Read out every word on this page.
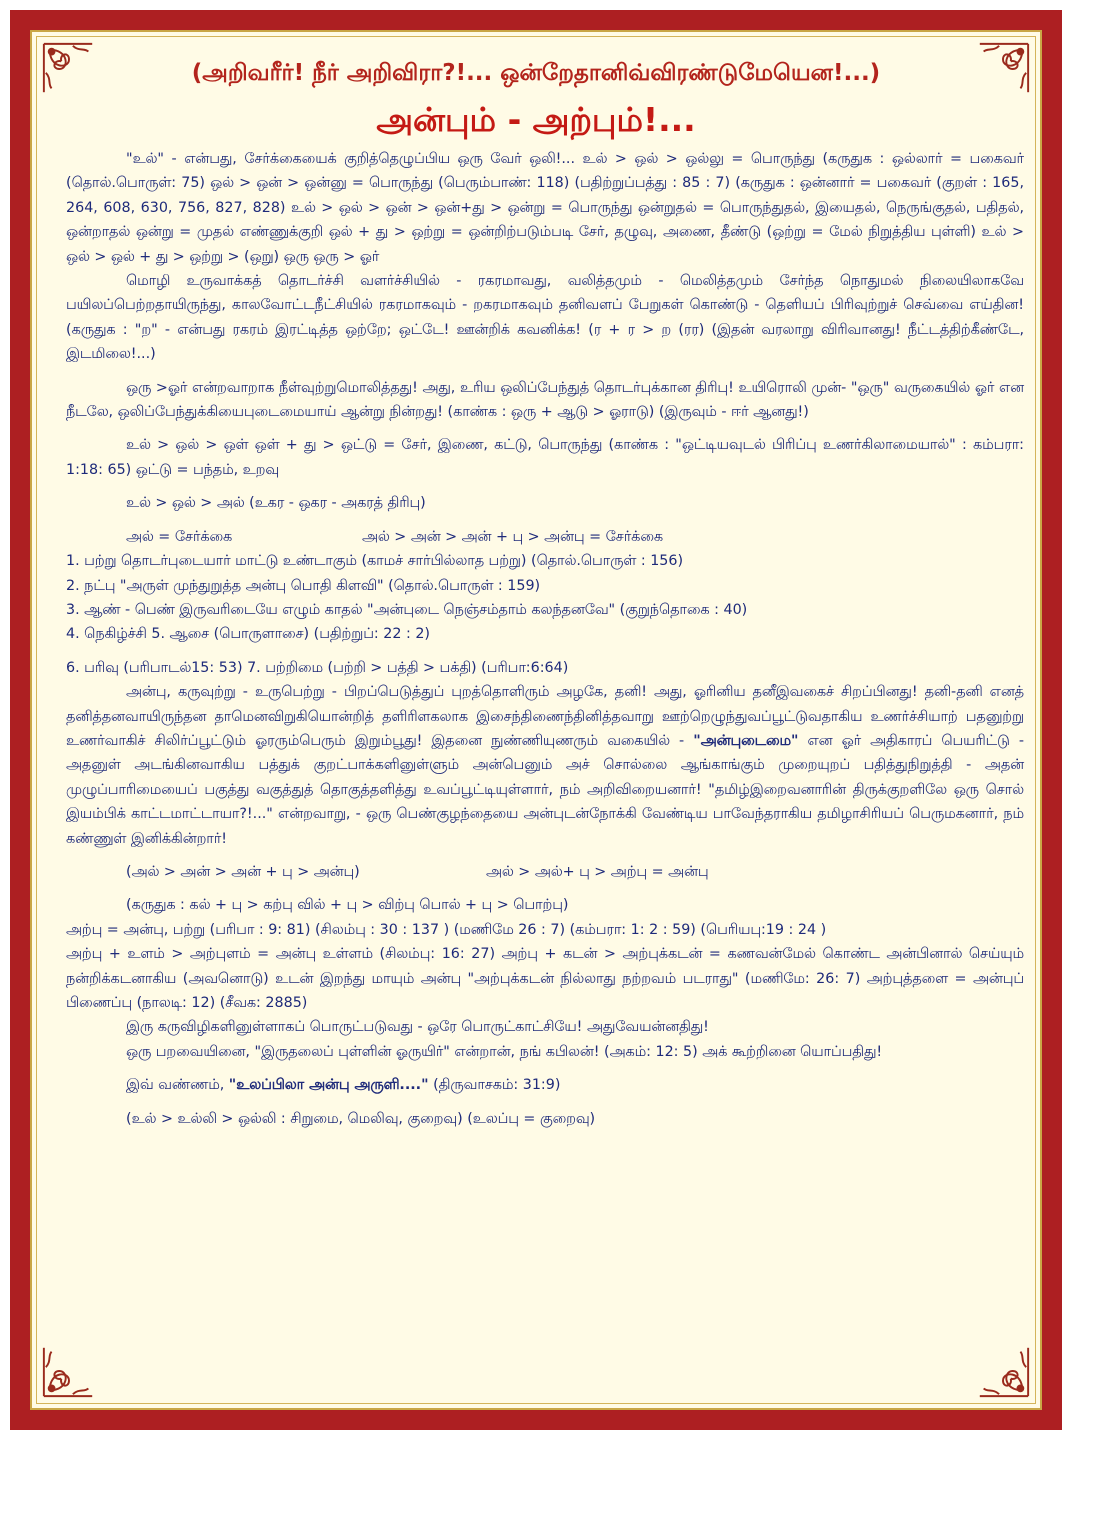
(அறிவரீர்! நீர் அறிவிரா?!... ஒன்றேதானிவ்விரண்டுமேயென!...)
அன்பும் - அற்பும்!...

"உல்" - என்பது, சேர்க்கையைக் குறித்தெழுப்பிய ஒரு வேர் ஒலி!... உல் > ஒல் > ஒல்லு = பொருந்து (கருதுக : ஒல்லார் = பகைவர் (தொல்.பொருள்: 75) ஒல் > ஒன் > ஒன்னு = பொருந்து (பெரும்பாண்: 118) (பதிற்றுப்பத்து : 85 : 7) (கருதுக : ஒன்னார் = பகைவர் (குறள் : 165, 264, 608, 630, 756, 827, 828) உல் > ஒல் > ஒன் > ஒன்+து > ஒன்று = பொருந்து ஒன்றுதல் = பொருந்துதல், இயைதல், நெருங்குதல், பதிதல், ஒன்றாதல் ஒன்று = முதல் எண்ணுக்குறி ஒல் + து > ஒற்று = ஒன்றிற்படும்படி சேர், தழுவு, அணை, தீண்டு (ஒற்று = மேல் நிறுத்திய புள்ளி) உல் > ஒல் > ஒல் + து > ஒற்று > (ஒறு) ஒரு ஒரு > ஓர்

மொழி உருவாக்கத் தொடர்ச்சி வளர்ச்சியில் - ரகரமாவது, வலித்தமும் - மெலித்தமும் சேர்ந்த நொதுமல் நிலையிலாகவே பயிலப்பெற்றதாயிருந்து, காலவோட்டநீட்சியில் ரகரமாகவும் - றகரமாகவும் தனிவளப் பேறுகள் கொண்டு - தெளியப் பிரிவுற்றுச் செவ்வை எய்தின! (கருதுக : "ற" - என்பது ரகரம் இரட்டித்த ஒற்றே; ஒட்டே! ஊன்றிக் கவனிக்க! (ர + ர > ற (ரர) (இதன் வரலாறு விரிவானது! நீட்டத்திற்கீண்டே, இடமிலை!...)

ஒரு >ஓர் என்றவாறாக நீள்வுற்றுமொலித்தது! அது, உரிய ஒலிப்பேந்துத் தொடர்புக்கான திரிபு! உயிரொலி முன்- "ஒரு" வருகையில் ஓர் என நீடலே, ஒலிப்பேந்துக்கியைபுடைமையாய் ஆன்று நின்றது! (காண்க : ஒரு + ஆடு > ஓராடு) (இருவும் - ஈர் ஆனது!)

உல் > ஒல் > ஒள் ஒள் + து > ஒட்டு = சேர், இணை, கட்டு, பொருந்து (காண்க : "ஒட்டியவுடல் பிரிப்பு உணர்கிலாமையால்" : கம்பரா: 1:18: 65) ஒட்டு = பந்தம், உறவு

உல் > ஒல் > அல் (உகர - ஒகர - அகரத் திரிபு)

அல் = சேர்க்கை	அல் > அன் > அன் + பு > அன்பு = சேர்க்கை

1. பற்று தொடர்புடையார் மாட்டு உண்டாகும் (காமச் சார்பில்லாத பற்று) (தொல்.பொருள் : 156)

2. நட்பு "அருள் முந்துறுத்த அன்பு பொதி கிளவி" (தொல்.பொருள் : 159)

3. ஆண் - பெண் இருவரிடையே எழும் காதல் "அன்புடை நெஞ்சம்தாம் கலந்தனவே" (குறுந்தொகை : 40)

4. நெகிழ்ச்சி 5. ஆசை (பொருளாசை) (பதிற்றுப்: 22 : 2)

6. பரிவு (பரிபாடல்15: 53) 7. பற்றிமை (பற்றி > பத்தி > பக்தி) (பரிபா:6:64)

அன்பு, கருவுற்று - உருபெற்று - பிறப்பெடுத்துப் புறத்தொளிரும் அழகே, தனி! அது, ஓரினிய தனீஇவகைச் சிறப்பினது! தனி-தனி எனத் தனித்தனவாயிருந்தன தாமெனவிறுகியொன்றித் தளிரிளகலாக இசைந்திணைந்தினித்தவாறு ஊற்றெழுந்துவப்பூட்டுவதாகிய உணர்ச்சியாற் பதனுற்று உணர்வாகிச் சிலிர்ப்பூட்டும் ஓரரும்பெரும் இறும்பூது! இதனை நுண்ணியுணரும் வகையில் - "அன்புடைமை" என ஓர் அதிகாரப் பெயரிட்டு - அதனுள் அடங்கினவாகிய பத்துக் குறட்பாக்களினுள்ளும் அன்பெனும் அச் சொல்லை ஆங்காங்கும் முறையுறப் பதித்துநிறுத்தி - அதன் முழுப்பாரிமையைப் பகுத்து வகுத்துத் தொகுத்தளித்து உவப்பூட்டியுள்ளார், நம் அறிவிறையனார்! "தமிழ்இறைவனாரின் திருக்குறளிலே ஒரு சொல் இயம்பிக் காட்டமாட்டாயா?!..." என்றவாறு, - ஒரு பெண்குழந்தையை அன்புடன்நோக்கி வேண்டிய பாவேந்தராகிய தமிழாசிரியப் பெருமகனார், நம் கண்ணுள் இனிக்கின்றார்!

(அல் > அன் > அன் + பு > அன்பு)	அல் > அல்+ பு > அற்பு = அன்பு

(கருதுக : கல் + பு > கற்பு வில் + பு > விற்பு பொல் + பு > பொற்பு)

அற்பு = அன்பு, பற்று (பரிபா : 9: 81) (சிலம்பு : 30 : 137 ) (மணிமே 26 : 7) (கம்பரா: 1: 2 : 59) (பெரியபு:19 : 24 )

அற்பு + உளம் > அற்புளம் = அன்பு உள்ளம் (சிலம்பு: 16: 27) அற்பு + கடன் > அற்புக்கடன் = கணவன்மேல் கொண்ட அன்பினால் செய்யும் நன்றிக்கடனாகிய (அவனொடு) உடன் இறந்து மாயும் அன்பு "அற்புக்கடன் நில்லாது நற்றவம் படராது" (மணிமே: 26: 7) அற்புத்தளை = அன்புப் பிணைப்பு (நாலடி: 12) (சீவக: 2885)

இரு கருவிழிகளினுள்ளாகப் பொருட்படுவது - ஒரே பொருட்காட்சியே! அதுவேயன்னதிது!

ஒரு பறவையினை, "இருதலைப் புள்ளின் ஓருயிர்" என்றான், நங் கபிலன்! (அகம்: 12: 5) அக் கூற்றினை யொப்பதிது!

இவ் வண்ணம், "உலப்பிலா அன்பு அருளி...." (திருவாசகம்: 31:9)

(உல் > உல்லி > ஒல்லி : சிறுமை, மெலிவு, குறைவு) (உலப்பு = குறைவு)
